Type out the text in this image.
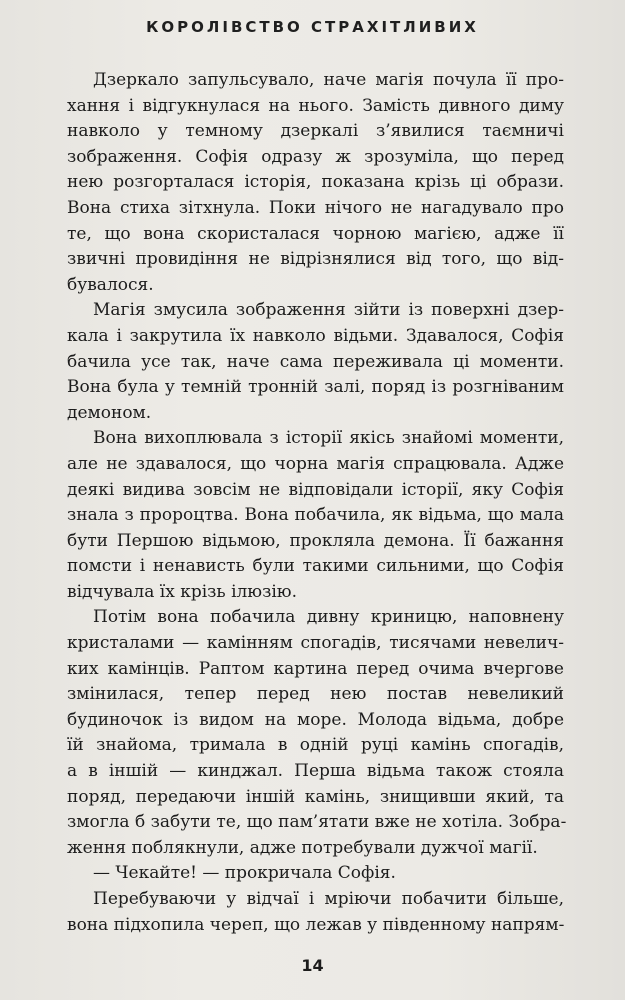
КОРОЛІВСТВО СТРАХІТЛИВИХ
Дзеркало запульсувало, наче магія почула її про-
хання і відгукнулася на нього. Замість дивного диму
навколо у темному дзеркалі з’явилися таємничі
зображення. Софія одразу ж зрозуміла, що перед
нею розгорталася історія, показана крізь ці образи.
Вона стиха зітхнула. Поки нічого не нагадувало про
те, що вона скористалася чорною магією, адже її
звичні провидіння не відрізнялися від того, що від-
бувалося.
Магія змусила зображення зійти із поверхні дзер-
кала і закрутила їх навколо відьми. Здавалося, Софія
бачила усе так, наче сама переживала ці моменти.
Вона була у темній тронній залі, поряд із розгніваним
демоном.
Вона вихоплювала з історії якісь знайомі моменти,
але не здавалося, що чорна магія спрацювала. Адже
деякі видива зовсім не відповідали історії, яку Софія
знала з пророцтва. Вона побачила, як відьма, що мала
бути Першою відьмою, прокляла демона. Її бажання
помсти і ненависть були такими сильними, що Софія
відчувала їх крізь ілюзію.
Потім вона побачила дивну криницю, наповнену
кристалами — камінням спогадів, тисячами невелич-
ких камінців. Раптом картина перед очима вчергове
змінилася, тепер перед нею постав невеликий
будиночок із видом на море. Молода відьма, добре
їй знайома, тримала в одній руці камінь спогадів,
а в іншій — кинджал. Перша відьма також стояла
поряд, передаючи іншій камінь, знищивши який, та
змогла б забути те, що пам’ятати вже не хотіла. Зобра-
ження поблякнули, адже потребували дужчої магії.
— Чекайте! — прокричала Софія.
Перебуваючи у відчаї і мріючи побачити більше,
вона підхопила череп, що лежав у південному напрям-
14
